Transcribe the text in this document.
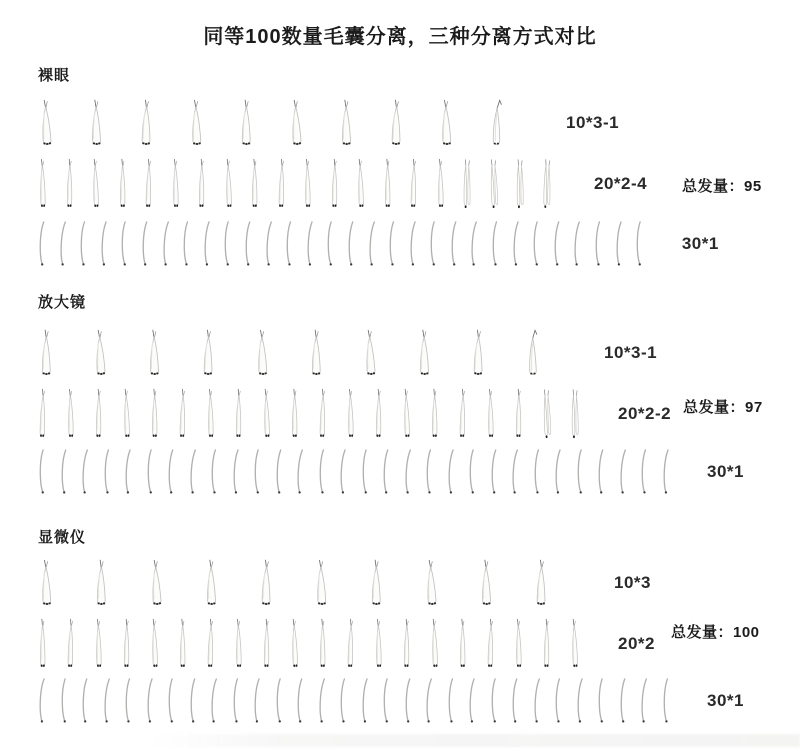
同等100数量毛囊分离，三种分离方式对比
裸眼
10*3-1
20*2-4
30*1
总发量：95
放大镜
10*3-1
20*2-2
30*1
总发量：97
显微仪
10*3
20*2
30*1
总发量：100
